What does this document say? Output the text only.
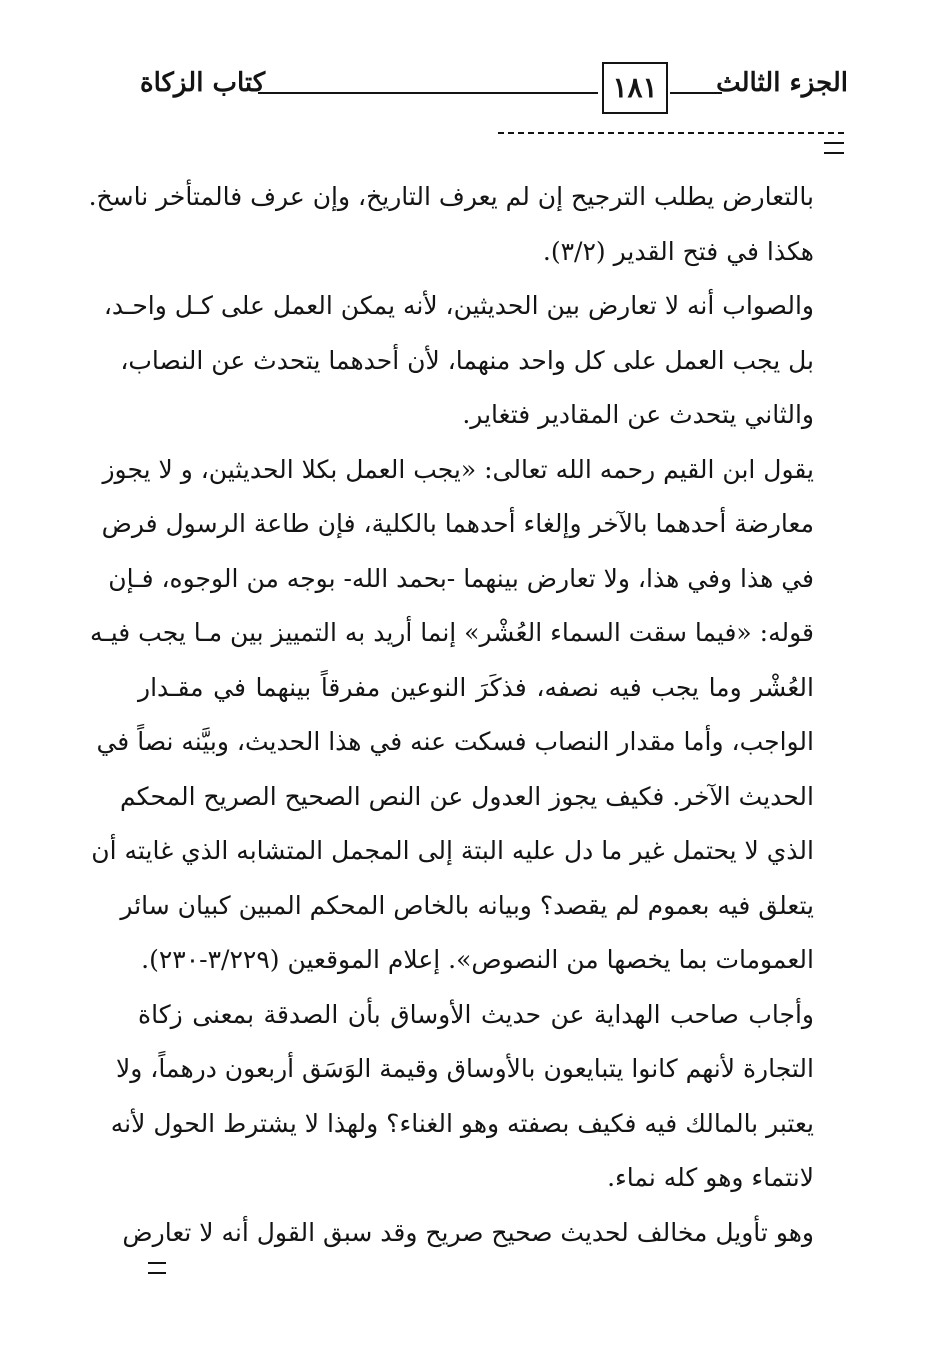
الجزء الثالث
١٨١
كتاب الزكاة
بالتعارض يطلب الترجيح إن لم يعرف التاريخ، وإن عرف فالمتأخر ناسخ.
هكذا في فتح القدير (٣/٢).
والصواب أنه لا تعارض بين الحديثين، لأنه يمكن العمل على كـل واحـد،
بل يجب العمل على كل واحد منهما، لأن أحدهما يتحدث عن النصاب،
والثاني يتحدث عن المقادير فتغاير.
يقول ابن القيم رحمه الله تعالى: «يجب العمل بكلا الحديثين، و لا يجوز
معارضة أحدهما بالآخر وإلغاء أحدهما بالكلية، فإن طاعة الرسول فرض
في هذا وفي هذا، ولا تعارض بينهما -بحمد الله- بوجه من الوجوه، فـإن
قوله: «فيما سقت السماء العُشْر» إنما أريد به التمييز بين مـا يجب فيـه
العُشْر وما يجب فيه نصفه، فذكَرَ النوعين مفرقاً بينهما في مقـدار
الواجب، وأما مقدار النصاب فسكت عنه في هذا الحديث، وبيَّنه نصاً في
الحديث الآخر. فكيف يجوز العدول عن النص الصحيح الصريح المحكم
الذي لا يحتمل غير ما دل عليه البتة إلى المجمل المتشابه الذي غايته أن
يتعلق فيه بعموم لم يقصد؟ وبيانه بالخاص المحكم المبين كبيان سائر
العمومات بما يخصها من النصوص». إعلام الموقعين (٣/٢٢٩-٢٣٠).
وأجاب صاحب الهداية عن حديث الأوساق بأن الصدقة بمعنى زكاة
التجارة لأنهم كانوا يتبايعون بالأوساق وقيمة الوَسَق أربعون درهماً، ولا
يعتبر بالمالك فيه فكيف بصفته وهو الغناء؟ ولهذا لا يشترط الحول لأنه
لانتماء وهو كله نماء.
وهو تأويل مخالف لحديث صحيح صريح وقد سبق القول أنه لا تعارض
